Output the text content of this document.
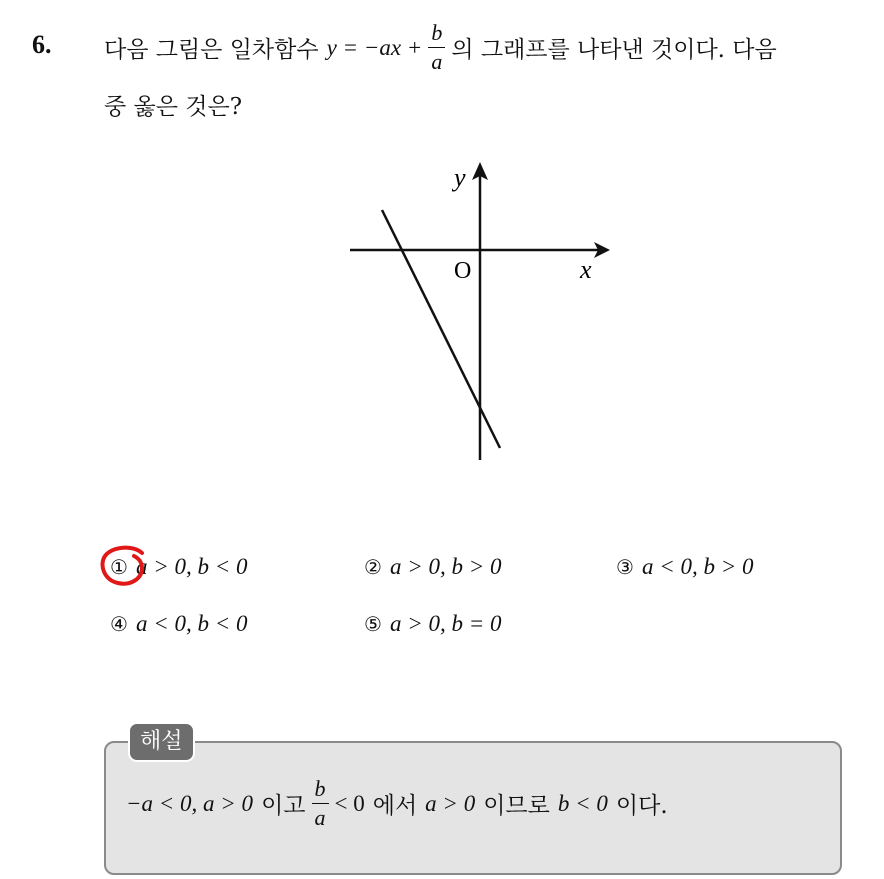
6. 다음 그림은 일차함수 $y = -ax + \frac{b}{a}$ 의 그래프를 나타낸 것이다. 다음
중 옳은 것은?
y
x
O
① a > 0, b < 0	② a > 0, b > 0	③ a < 0, b > 0
④ a < 0, b < 0	⑤ a > 0, b = 0
해설
−a < 0, a > 0 이고 $\frac{b}{a} < 0$ 에서 a > 0 이므로 b < 0 이다.
